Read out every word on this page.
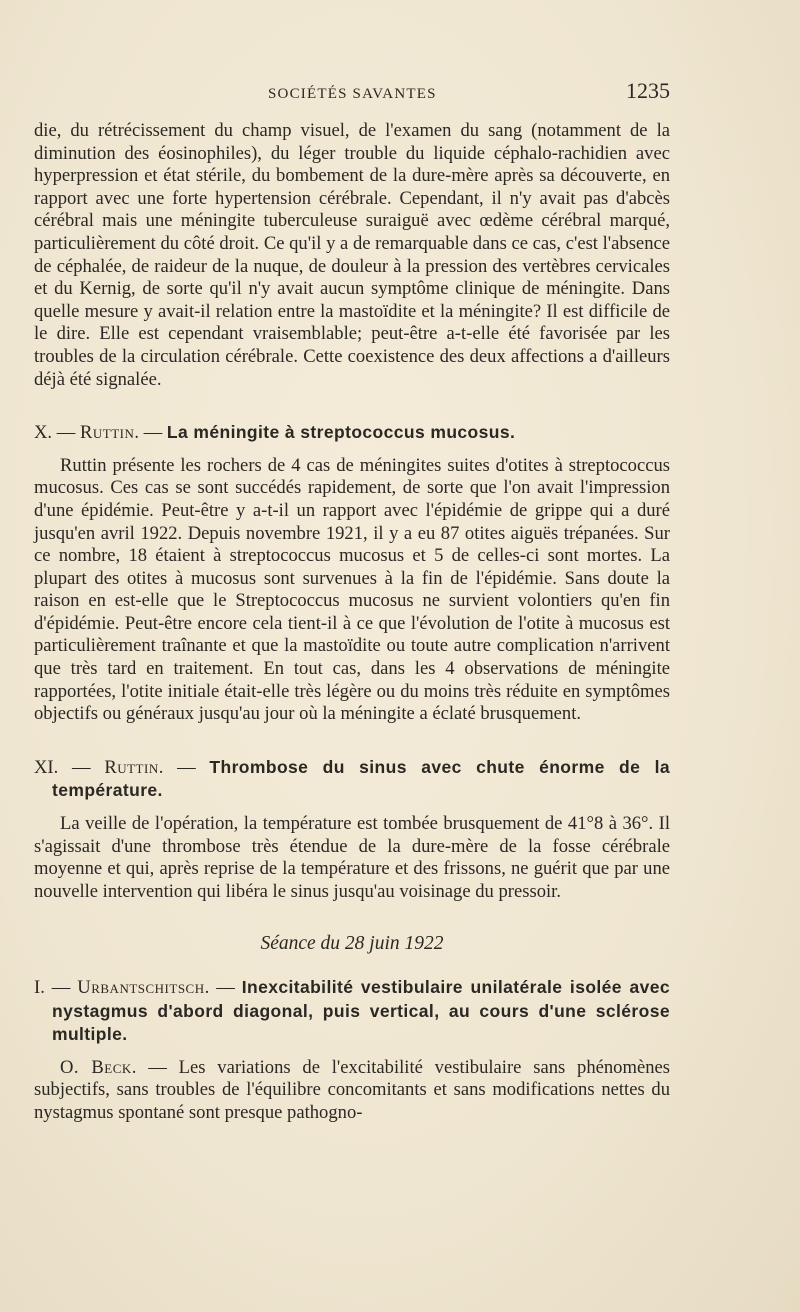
SOCIÉTÉS SAVANTES	1235

die, du rétrécissement du champ visuel, de l'examen du sang (notamment de la diminution des éosinophiles), du léger trouble du liquide céphalo-rachidien avec hyperpression et état stérile, du bombement de la dure-mère après sa découverte, en rapport avec une forte hypertension cérébrale. Cependant, il n'y avait pas d'abcès cérébral mais une méningite tuberculeuse suraiguë avec œdème cérébral marqué, particulièrement du côté droit. Ce qu'il y a de remarquable dans ce cas, c'est l'absence de céphalée, de raideur de la nuque, de douleur à la pression des vertèbres cervicales et du Kernig, de sorte qu'il n'y avait aucun symptôme clinique de méningite. Dans quelle mesure y avait-il relation entre la mastoïdite et la méningite? Il est difficile de le dire. Elle est cependant vraisemblable; peut-être a-t-elle été favorisée par les troubles de la circulation cérébrale. Cette coexistence des deux affections a d'ailleurs déjà été signalée.

X. — Ruttin. — La méningite à streptococcus mucosus.

Ruttin présente les rochers de 4 cas de méningites suites d'otites à streptococcus mucosus. Ces cas se sont succédés rapidement, de sorte que l'on avait l'impression d'une épidémie. Peut-être y a-t-il un rapport avec l'épidémie de grippe qui a duré jusqu'en avril 1922. Depuis novembre 1921, il y a eu 87 otites aiguës trépanées. Sur ce nombre, 18 étaient à streptococcus mucosus et 5 de celles-ci sont mortes. La plupart des otites à mucosus sont survenues à la fin de l'épidémie. Sans doute la raison en est-elle que le Streptococcus mucosus ne survient volontiers qu'en fin d'épidémie. Peut-être encore cela tient-il à ce que l'évolution de l'otite à mucosus est particulièrement traînante et que la mastoïdite ou toute autre complication n'arrivent que très tard en traitement. En tout cas, dans les 4 observations de méningite rapportées, l'otite initiale était-elle très légère ou du moins très réduite en symptômes objectifs ou généraux jusqu'au jour où la méningite a éclaté brusquement.

XI. — Ruttin. — Thrombose du sinus avec chute énorme de la température.

La veille de l'opération, la température est tombée brusquement de 41°8 à 36°. Il s'agissait d'une thrombose très étendue de la dure-mère de la fosse cérébrale moyenne et qui, après reprise de la température et des frissons, ne guérit que par une nouvelle intervention qui libéra le sinus jusqu'au voisinage du pressoir.

Séance du 28 juin 1922

I. — Urbantschitsch. — Inexcitabilité vestibulaire unilatérale isolée avec nystagmus d'abord diagonal, puis vertical, au cours d'une sclérose multiple.

O. Beck. — Les variations de l'excitabilité vestibulaire sans phénomènes subjectifs, sans troubles de l'équilibre concomitants et sans modifications nettes du nystagmus spontané sont presque pathogno-
